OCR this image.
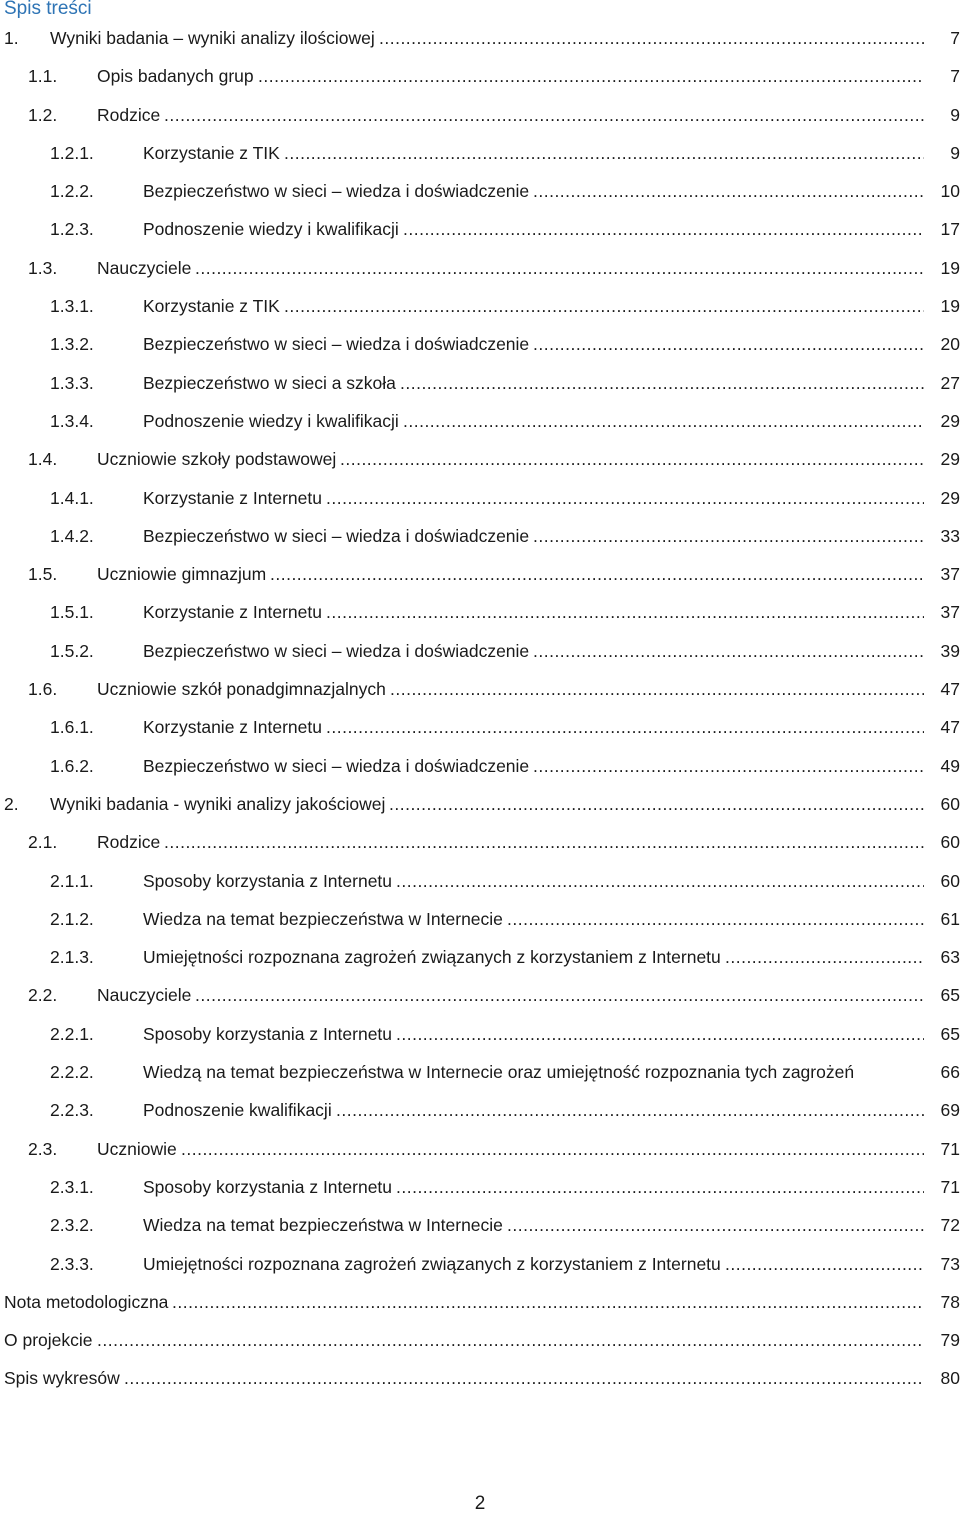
Spis treści
1. Wyniki badania – wyniki analizy ilościowej .....	7
1.1. Opis badanych grup .....	7
1.2. Rodzice .....	9
1.2.1.	Korzystanie z TIK .....	9
1.2.2.	Bezpieczeństwo w sieci – wiedza i doświadczenie .....	10
1.2.3.	Podnoszenie wiedzy i kwalifikacji .....	17
1.3. Nauczyciele .....	19
1.3.1.	Korzystanie z TIK .....	19
1.3.2.	Bezpieczeństwo w sieci – wiedza i doświadczenie .....	20
1.3.3.	Bezpieczeństwo w sieci a szkoła .....	27
1.3.4.	Podnoszenie wiedzy i kwalifikacji .....	29
1.4. Uczniowie szkoły podstawowej .....	29
1.4.1.	Korzystanie z Internetu .....	29
1.4.2.	Bezpieczeństwo w sieci – wiedza i doświadczenie .....	33
1.5. Uczniowie gimnazjum .....	37
1.5.1.	Korzystanie z Internetu .....	37
1.5.2.	Bezpieczeństwo w sieci – wiedza i doświadczenie .....	39
1.6. Uczniowie szkół ponadgimnazjalnych .....	47
1.6.1.	Korzystanie z Internetu .....	47
1.6.2.	Bezpieczeństwo w sieci – wiedza i doświadczenie .....	49
2. Wyniki badania - wyniki analizy jakościowej .....	60
2.1. Rodzice .....	60
2.1.1.	Sposoby korzystania z Internetu .....	60
2.1.2.	Wiedza na temat bezpieczeństwa w Internecie .....	61
2.1.3.	Umiejętności rozpoznana zagrożeń związanych z korzystaniem z Internetu .....	63
2.2. Nauczyciele .....	65
2.2.1.	Sposoby korzystania z Internetu .....	65
2.2.2.	Wiedzą na temat bezpieczeństwa w Internecie oraz umiejętność rozpoznania tych zagrożeń	66
2.2.3.	Podnoszenie kwalifikacji .....	69
2.3. Uczniowie .....	71
2.3.1.	Sposoby korzystania z Internetu .....	71
2.3.2.	Wiedza na temat bezpieczeństwa w Internecie .....	72
2.3.3.	Umiejętności rozpoznana zagrożeń związanych z korzystaniem z Internetu .....	73
Nota metodologiczna .....	78
O projekcie .....	79
Spis wykresów .....	80
2
